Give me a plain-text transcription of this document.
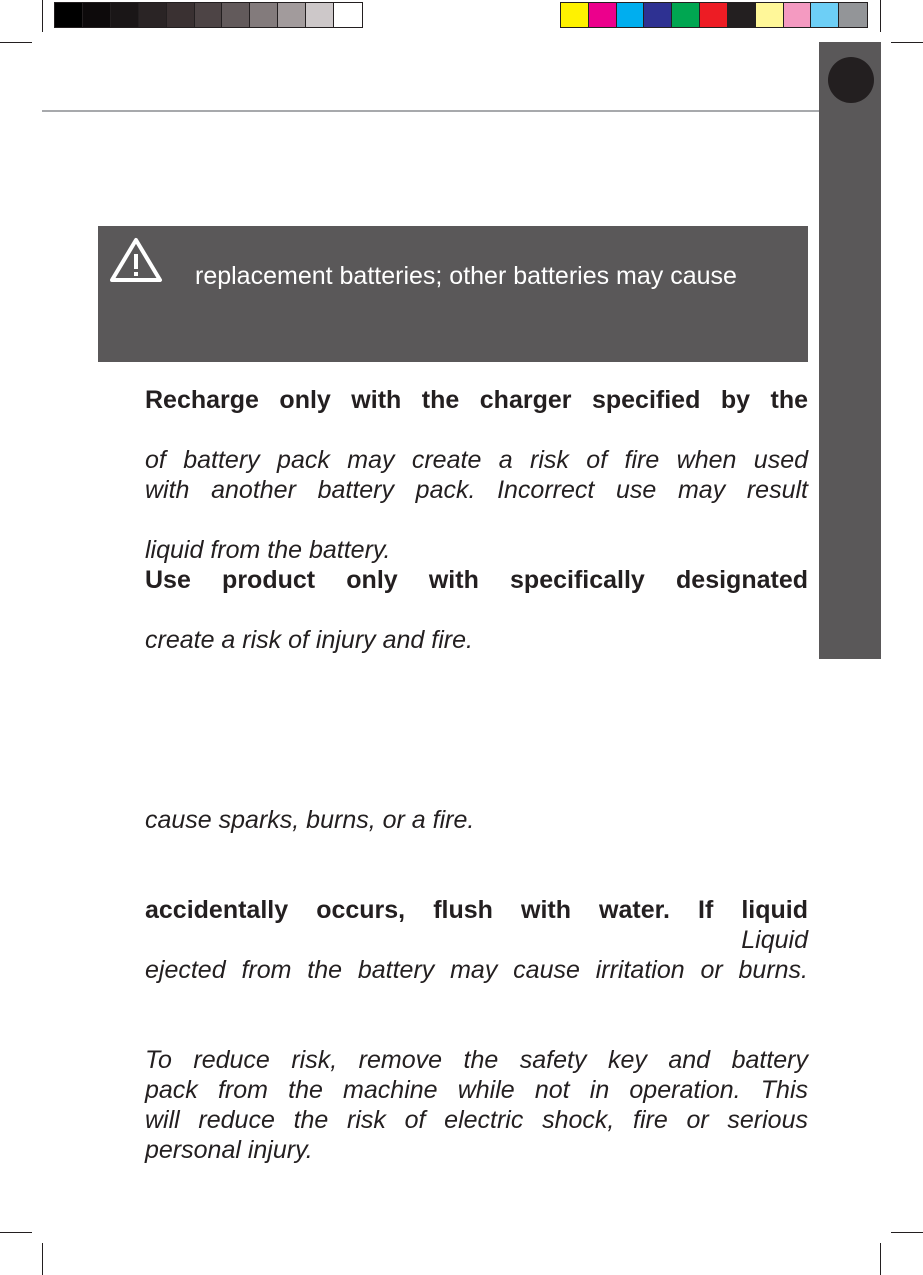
replacement batteries; other batteries may cause
Recharge only with the charger specified by the
of battery pack may create a risk of fire when used
with another battery pack. Incorrect use may result
liquid from the battery.
Use product only with specifically designated
create a risk of injury and fire.
cause sparks, burns, or a fire.
accidentally occurs, flush with water. If liquid
Liquid
ejected from the battery may cause irritation or burns.
To reduce risk, remove the safety key and battery
pack from the machine while not in operation. This
will reduce the risk of electric shock, fire or serious
personal injury.
